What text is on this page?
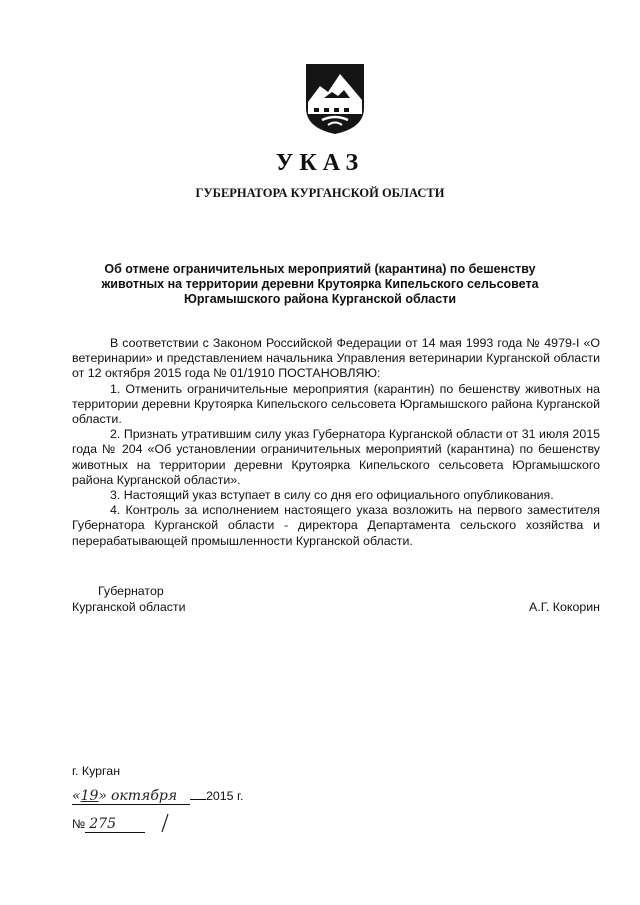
УКАЗ
ГУБЕРНАТОРА КУРГАНСКОЙ ОБЛАСТИ
Об отмене ограничительных мероприятий (карантина) по бешенству
животных на территории деревни Крутоярка Кипельского сельсовета
Юргамышского района Курганской области

В соответствии с Законом Российской Федерации от 14 мая 1993 года № 4979-I «О ветеринарии» и представлением начальника Управления ветеринарии Курганской области от 12 октября 2015 года № 01/1910 ПОСТАНОВЛЯЮ:

1. Отменить ограничительные мероприятия (карантин) по бешенству животных на территории деревни Крутоярка Кипельского сельсовета Юргамышского района Курганской области.

2. Признать утратившим силу указ Губернатора Курганской области от 31 июля 2015 года № 204 «Об установлении ограничительных мероприятий (карантина) по бешенству животных на территории деревни Крутоярка Кипельского сельсовета Юргамышского района Курганской области».

3. Настоящий указ вступает в силу со дня его официального опубликования.

4. Контроль за исполнением настоящего указа возложить на первого заместителя Губернатора Курганской области - директора Департамента сельского хозяйства и перерабатывающей промышленности Курганской области.

Губернатор
Курганской области	А.Г. Кокорин
г. Курган
«19» октября 2015 г.
№ 275
